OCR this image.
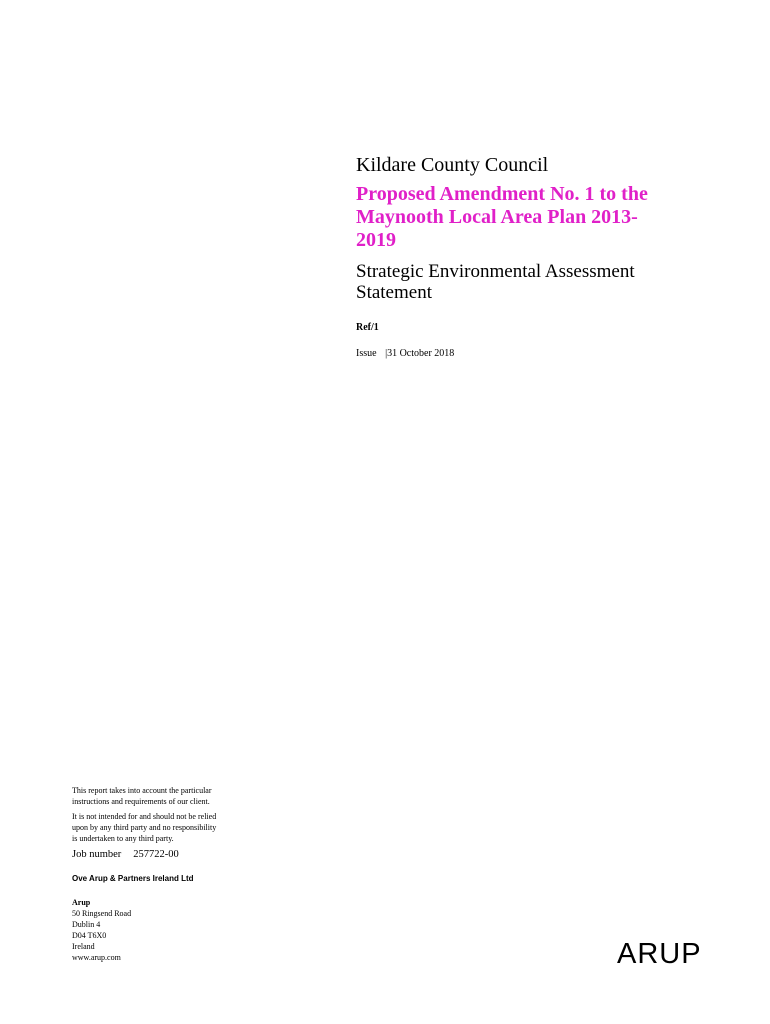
Kildare County Council
Proposed Amendment No. 1 to the
Maynooth Local Area Plan 2013-
2019
Strategic Environmental Assessment
Statement
Ref/1
Issue |31 October 2018
This report takes into account the particular
instructions and requirements of our client.
It is not intended for and should not be relied
upon by any third party and no responsibility
is undertaken to any third party.
Job number 257722-00
Ove Arup & Partners Ireland Ltd
Arup
50 Ringsend Road
Dublin 4
D04 T6X0
Ireland
www.arup.com	ARUP
